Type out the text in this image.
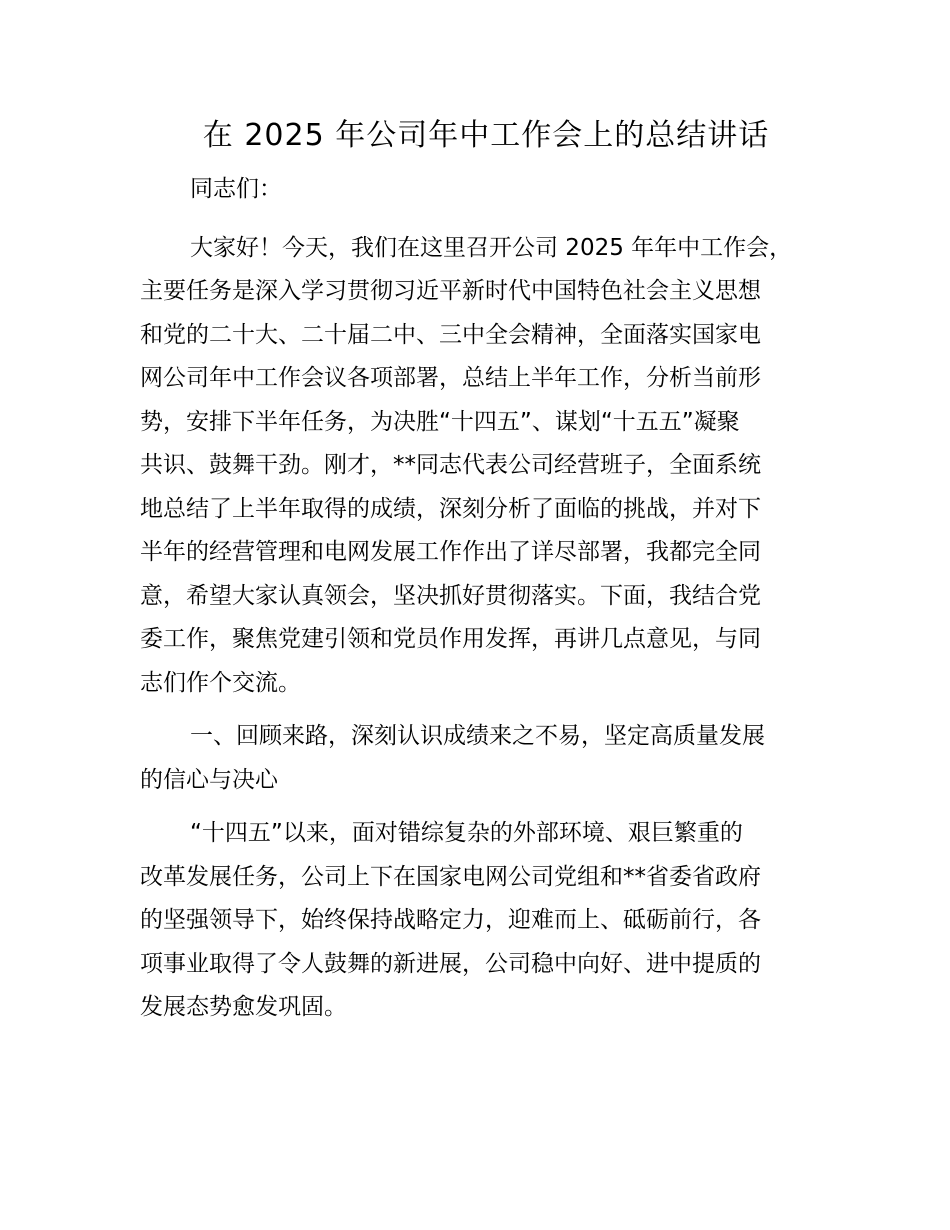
在 2025 年公司年中工作会上的总结讲话

同志们：

大家好！今天，我们在这里召开公司 2025 年年中工作会，
主要任务是深入学习贯彻习近平新时代中国特色社会主义思想
和党的二十大、二十届二中、三中全会精神，全面落实国家电
网公司年中工作会议各项部署，总结上半年工作，分析当前形
势，安排下半年任务，为决胜“十四五”、谋划“十五五”凝聚
共识、鼓舞干劲。刚才，**同志代表公司经营班子，全面系统
地总结了上半年取得的成绩，深刻分析了面临的挑战，并对下
半年的经营管理和电网发展工作作出了详尽部署，我都完全同
意，希望大家认真领会，坚决抓好贯彻落实。下面，我结合党
委工作，聚焦党建引领和党员作用发挥，再讲几点意见，与同
志们作个交流。

一、回顾来路，深刻认识成绩来之不易，坚定高质量发展
的信心与决心

“十四五”以来，面对错综复杂的外部环境、艰巨繁重的
改革发展任务，公司上下在国家电网公司党组和**省委省政府
的坚强领导下，始终保持战略定力，迎难而上、砥砺前行，各
项事业取得了令人鼓舞的新进展，公司稳中向好、进中提质的
发展态势愈发巩固。
